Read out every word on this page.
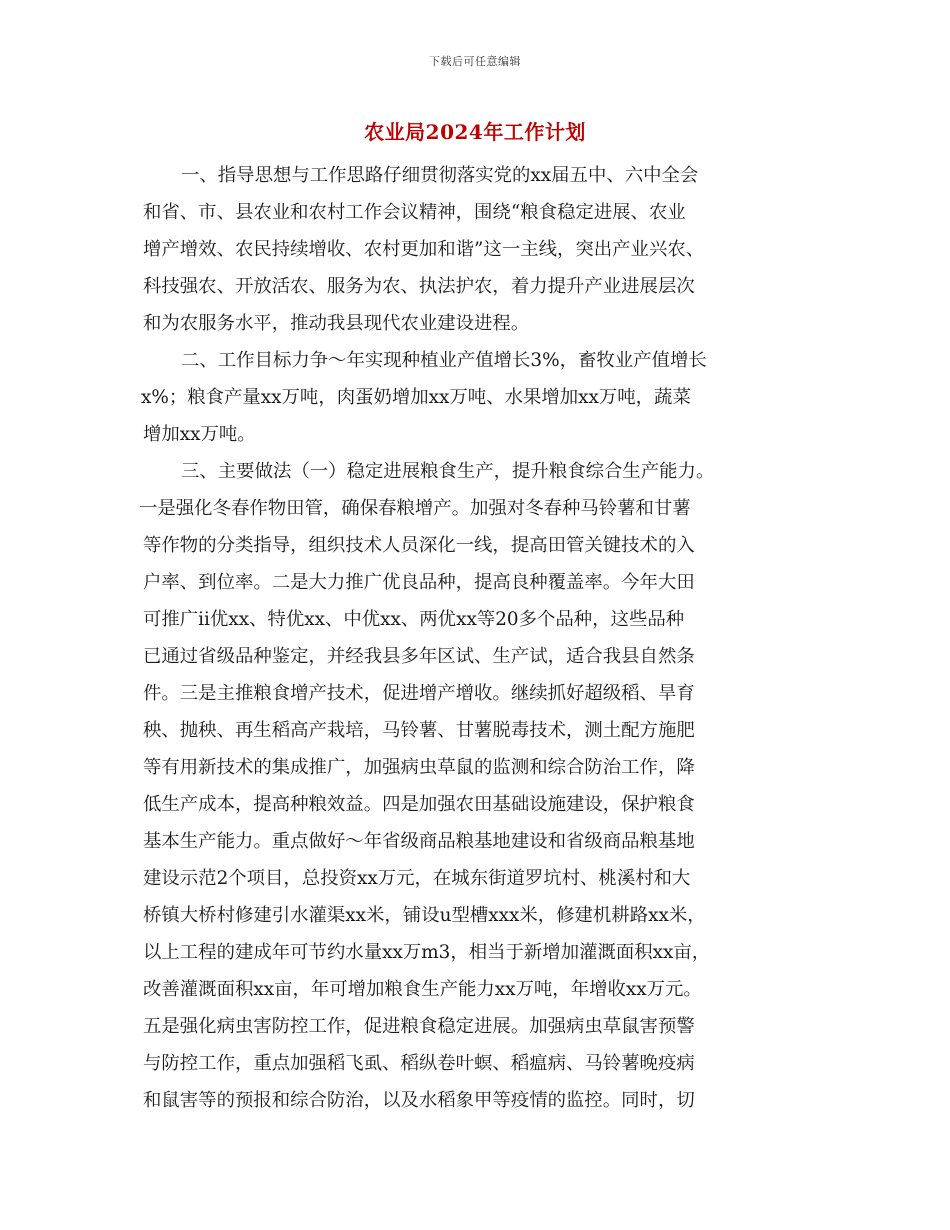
下载后可任意编辑
农业局2024年工作计划
一、指导思想与工作思路仔细贯彻落实党的xx届五中、六中全会
和省、市、县农业和农村工作会议精神，围绕“粮食稳定进展、农业
增产增效、农民持续增收、农村更加和谐”这一主线，突出产业兴农、
科技强农、开放活农、服务为农、执法护农，着力提升产业进展层次
和为农服务水平，推动我县现代农业建设进程。
二、工作目标力争～年实现种植业产值增长3%，畜牧业产值增长
x%；粮食产量xx万吨，肉蛋奶增加xx万吨、水果增加xx万吨，蔬菜
增加xx万吨。
三、主要做法（一）稳定进展粮食生产，提升粮食综合生产能力。
一是强化冬春作物田管，确保春粮增产。加强对冬春种马铃薯和甘薯
等作物的分类指导，组织技术人员深化一线，提高田管关键技术的入
户率、到位率。二是大力推广优良品种，提高良种覆盖率。今年大田
可推广ii优xx、特优xx、中优xx、两优xx等20多个品种，这些品种
已通过省级品种鉴定，并经我县多年区试、生产试，适合我县自然条
件。三是主推粮食增产技术，促进增产增收。继续抓好超级稻、旱育
秧、抛秧、再生稻高产栽培，马铃薯、甘薯脱毒技术，测土配方施肥
等有用新技术的集成推广，加强病虫草鼠的监测和综合防治工作，降
低生产成本，提高种粮效益。四是加强农田基础设施建设，保护粮食
基本生产能力。重点做好～年省级商品粮基地建设和省级商品粮基地
建设示范2个项目，总投资xx万元，在城东街道罗坑村、桃溪村和大
桥镇大桥村修建引水灌渠xx米，铺设u型槽xxx米，修建机耕路xx米，
以上工程的建成年可节约水量xx万m3，相当于新增加灌溉面积xx亩，
改善灌溉面积xx亩，年可增加粮食生产能力xx万吨，年增收xx万元。
五是强化病虫害防控工作，促进粮食稳定进展。加强病虫草鼠害预警
与防控工作，重点加强稻飞虱、稻纵卷叶螟、稻瘟病、马铃薯晚疫病
和鼠害等的预报和综合防治，以及水稻象甲等疫情的监控。同时，切
